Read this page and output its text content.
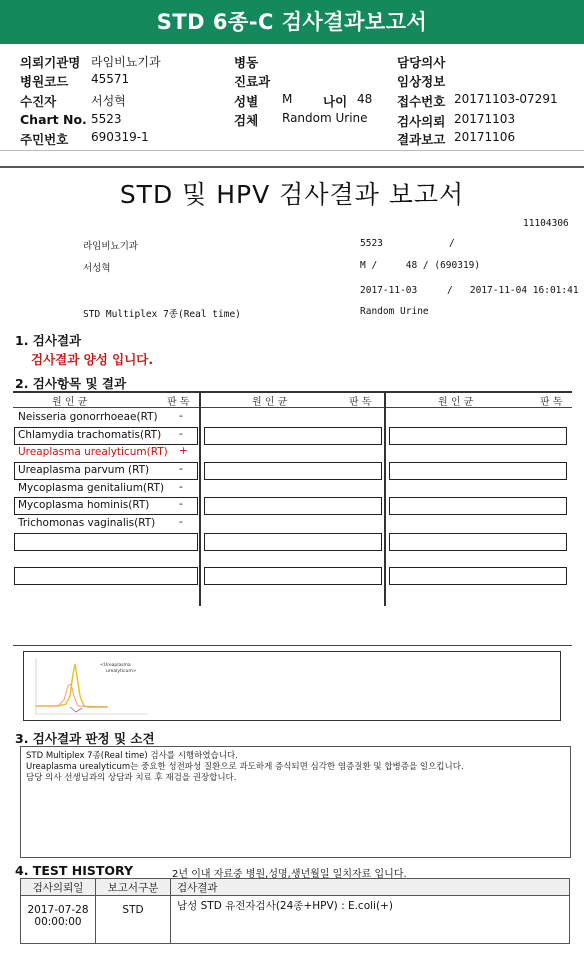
STD 6종-C 검사결과보고서
의뢰기관명 라임비뇨기과
병원코드 45571
수진자	서성혁
Chart No. 5523
주민번호 690319-1
병동
진료과
성별 M 나이 48
검체 Random Urine
담당의사
임상정보
접수번호 20171103-07291
검사의뢰 20171103
결과보고 20171106
STD 및 HPV 검사결과 보고서
11104306
라임비뇨기과	5523	/
서성혁	M /     48 / (690319)
2017-11-03	/   2017-11-04 16:01:41
STD Multiplex 7종(Real time)	Random Urine
1. 검사결과
검사결과 양성 입니다.
2. 검사항목 및 결과
원 인 균	판 독	원 인 균	판 독	원 인 균	판 독
Neisseria gonorrhoeae(RT) -
Chlamydia trachomatis(RT) -
Ureaplasma urealyticum(RT) +
Ureaplasma parvum (RT)	-
Mycoplasma genitalium(RT) -
Mycoplasma hominis(RT)	-
Trichomonas vaginalis(RT) -
<Ureaplasma
urealyticum>
3. 검사결과 판정 및 소견
STD Multiplex 7종(Real time) 검사를 시행하였습니다.
Ureaplasma urealyticum는 중요한 성전파성 질환으로 과도하게 증식되면 심각한 염증질환 및 합병증을 일으킵니다.
담당 의사 선생님과의 상담과 치료 후 재검을 권장합니다.
4. TEST HISTORY	2년 이내 자료중 병원,성명,생년월일 일치자료 입니다.
검사의뢰일	보고서구분	검사결과

2017-07-28
00:00:00	STD	남성 STD 유전자검사(24종+HPV) : E.coli(+)
